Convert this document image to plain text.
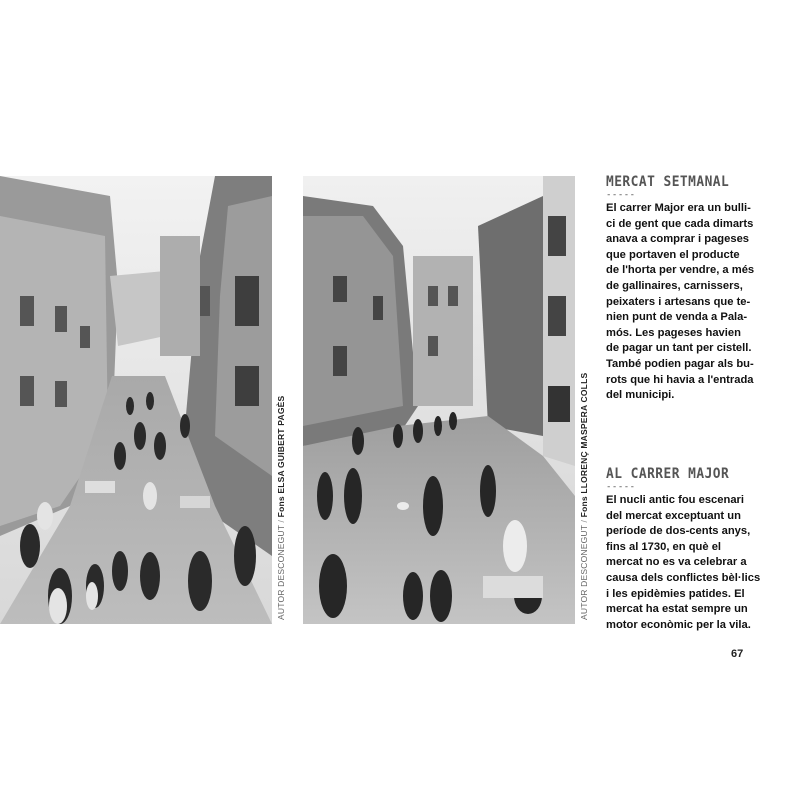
AUTOR DESCONEGUT / Fons ELSA GUIBERT PAGÈS
AUTOR DESCONEGUT / Fons LLORENÇ MASPERA COLLS
MERCAT SETMANAL
-----

El carrer Major era un bulli-
ci de gent que cada dimarts
anava a comprar i pageses
que portaven el producte
de l'horta per vendre, a més
de gallinaires, carnissers,
peixaters i artesans que te-
nien punt de venda a Pala-
mós. Les pageses havien
de pagar un tant per cistell.
També podien pagar als bu-
rots que hi havia a l'entrada
del municipi.

AL CARRER MAJOR
-----

El nucli antic fou escenari
del mercat exceptuant un
període de dos-cents anys,
fins al 1730, en què el
mercat no es va celebrar a
causa dels conflictes bèl·lics
i les epidèmies patides. El
mercat ha estat sempre un
motor econòmic per la vila.

67
